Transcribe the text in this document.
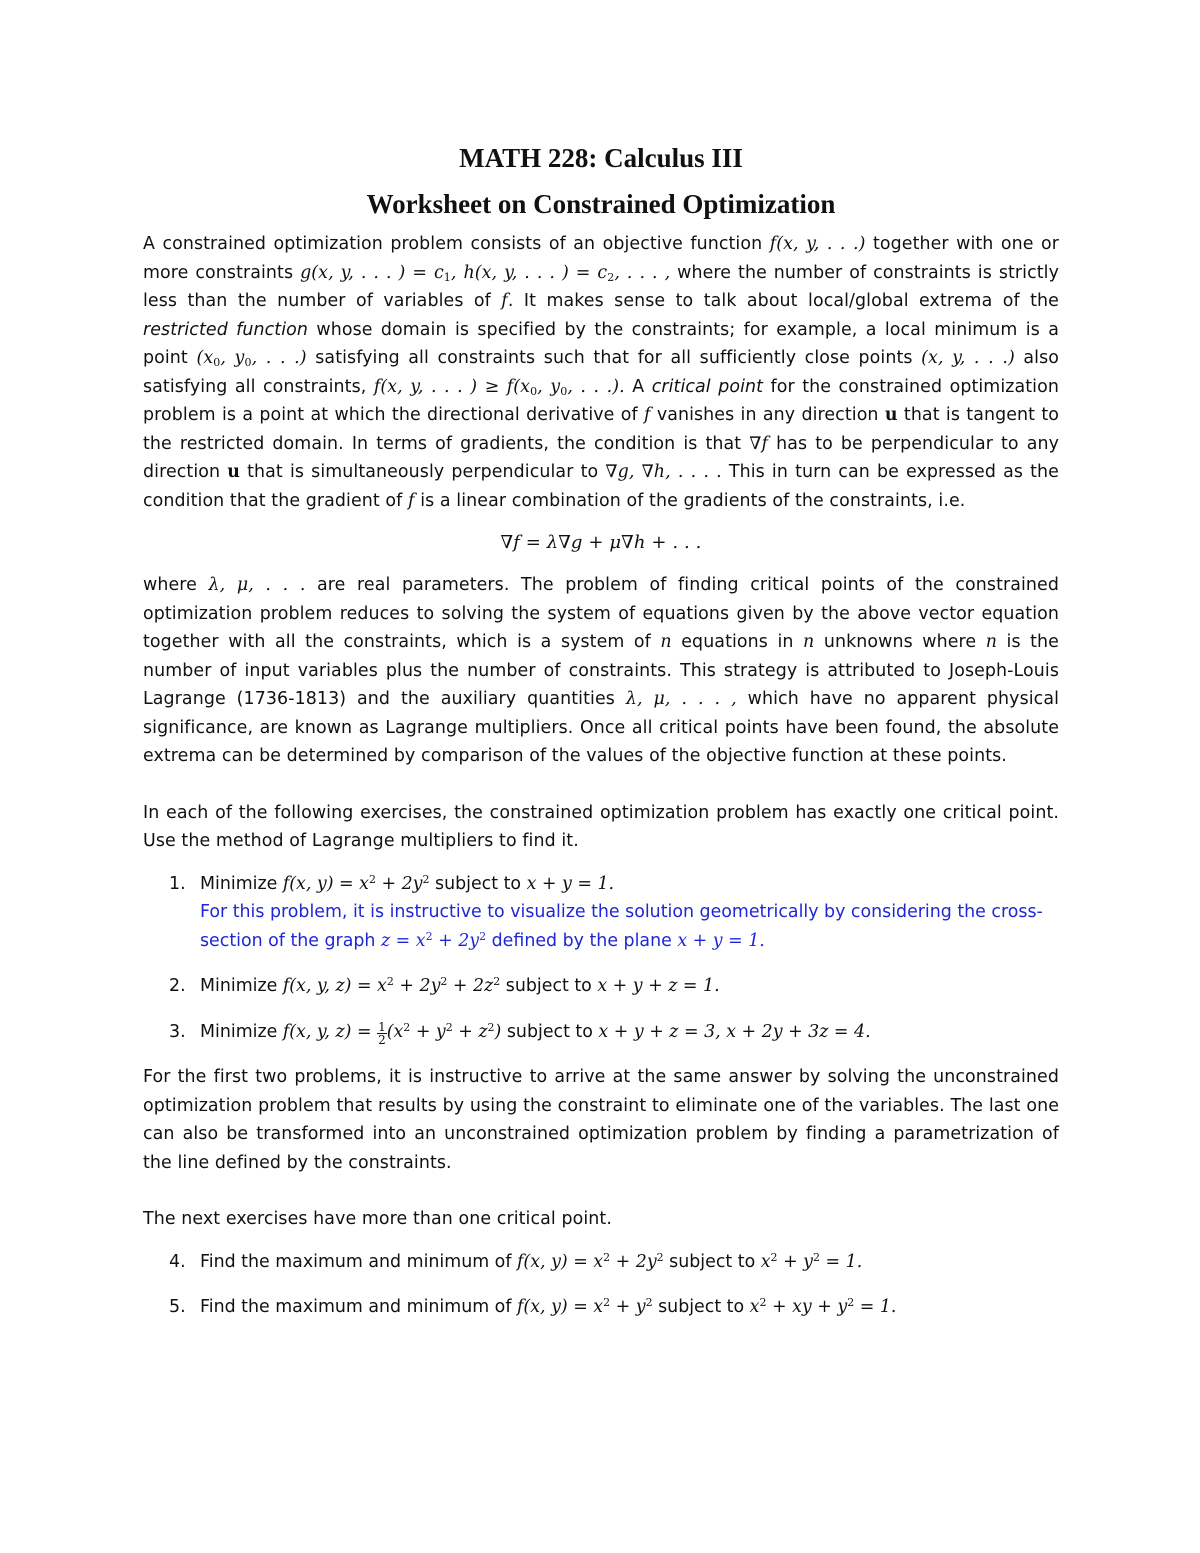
MATH 228: Calculus III
Worksheet on Constrained Optimization

A constrained optimization problem consists of an objective function f(x, y, . . .) together with one or more constraints g(x, y, . . . ) = $c_1$, h(x, y, . . . ) = $c_2$, . . . , where the number of constraints is strictly less than the number of variables of f. It makes sense to talk about local/global extrema of the restricted function whose domain is specified by the constraints; for example, a local minimum is a point ($x_0$, $y_0$, . . .) satisfying all constraints such that for all sufficiently close points (x, y, . . .) also satisfying all constraints, f(x, y, . . . ) ≥ $f(x_0$, $y_0$, . . .). A critical point for the constrained optimization problem is a point at which the directional derivative of f vanishes in any direction u that is tangent to the restricted domain. In terms of gradients, the condition is that ∇f has to be perpendicular to any direction u that is simultaneously perpendicular to ∇g, ∇h, . . . . This in turn can be expressed as the condition that the gradient of f is a linear combination of the gradients of the constraints, i.e.

∇f = λ∇g + μ∇h + . . .

where λ, μ, . . . are real parameters. The problem of finding critical points of the constrained optimization problem reduces to solving the system of equations given by the above vector equation together with all the constraints, which is a system of n equations in n unknowns where n is the number of input variables plus the number of constraints. This strategy is attributed to Joseph-Louis Lagrange (1736-1813) and the auxiliary quantities λ, μ, . . . , which have no apparent physical significance, are known as Lagrange multipliers. Once all critical points have been found, the absolute extrema can be determined by comparison of the values of the objective function at these points.

In each of the following exercises, the constrained optimization problem has exactly one critical point. Use the method of Lagrange multipliers to find it.

1. Minimize f(x, $y) = x^2 + 2y^2$ subject to x + y = 1.
For this problem, it is instructive to visualize the solution geometrically by considering the cross-section of the graph $z = x^2 + 2y^2$ defined by the plane x + y = 1.
2. Minimize f(x, y, $z) = x^2 + 2y^2 + 2z^2$ subject to x + y + z = 1.
3. Minimize f(x, y, $z) = \frac{1}{2} (x^2 + y^2 + z^2)$ subject to x + y + z = 3, x + 2y + 3z = 4.

For the first two problems, it is instructive to arrive at the same answer by solving the unconstrained optimization problem that results by using the constraint to eliminate one of the variables. The last one can also be transformed into an unconstrained optimization problem by finding a parametrization of the line defined by the constraints.

The next exercises have more than one critical point.

4. Find the maximum and minimum of f(x, $y) = x^2 + 2y^2$ subject to $x^2 + y^2 = 1$.
5. Find the maximum and minimum of f(x, $y) = x^2 + y^2$ subject to $x^2$ + xy + $y^2 = 1$.
